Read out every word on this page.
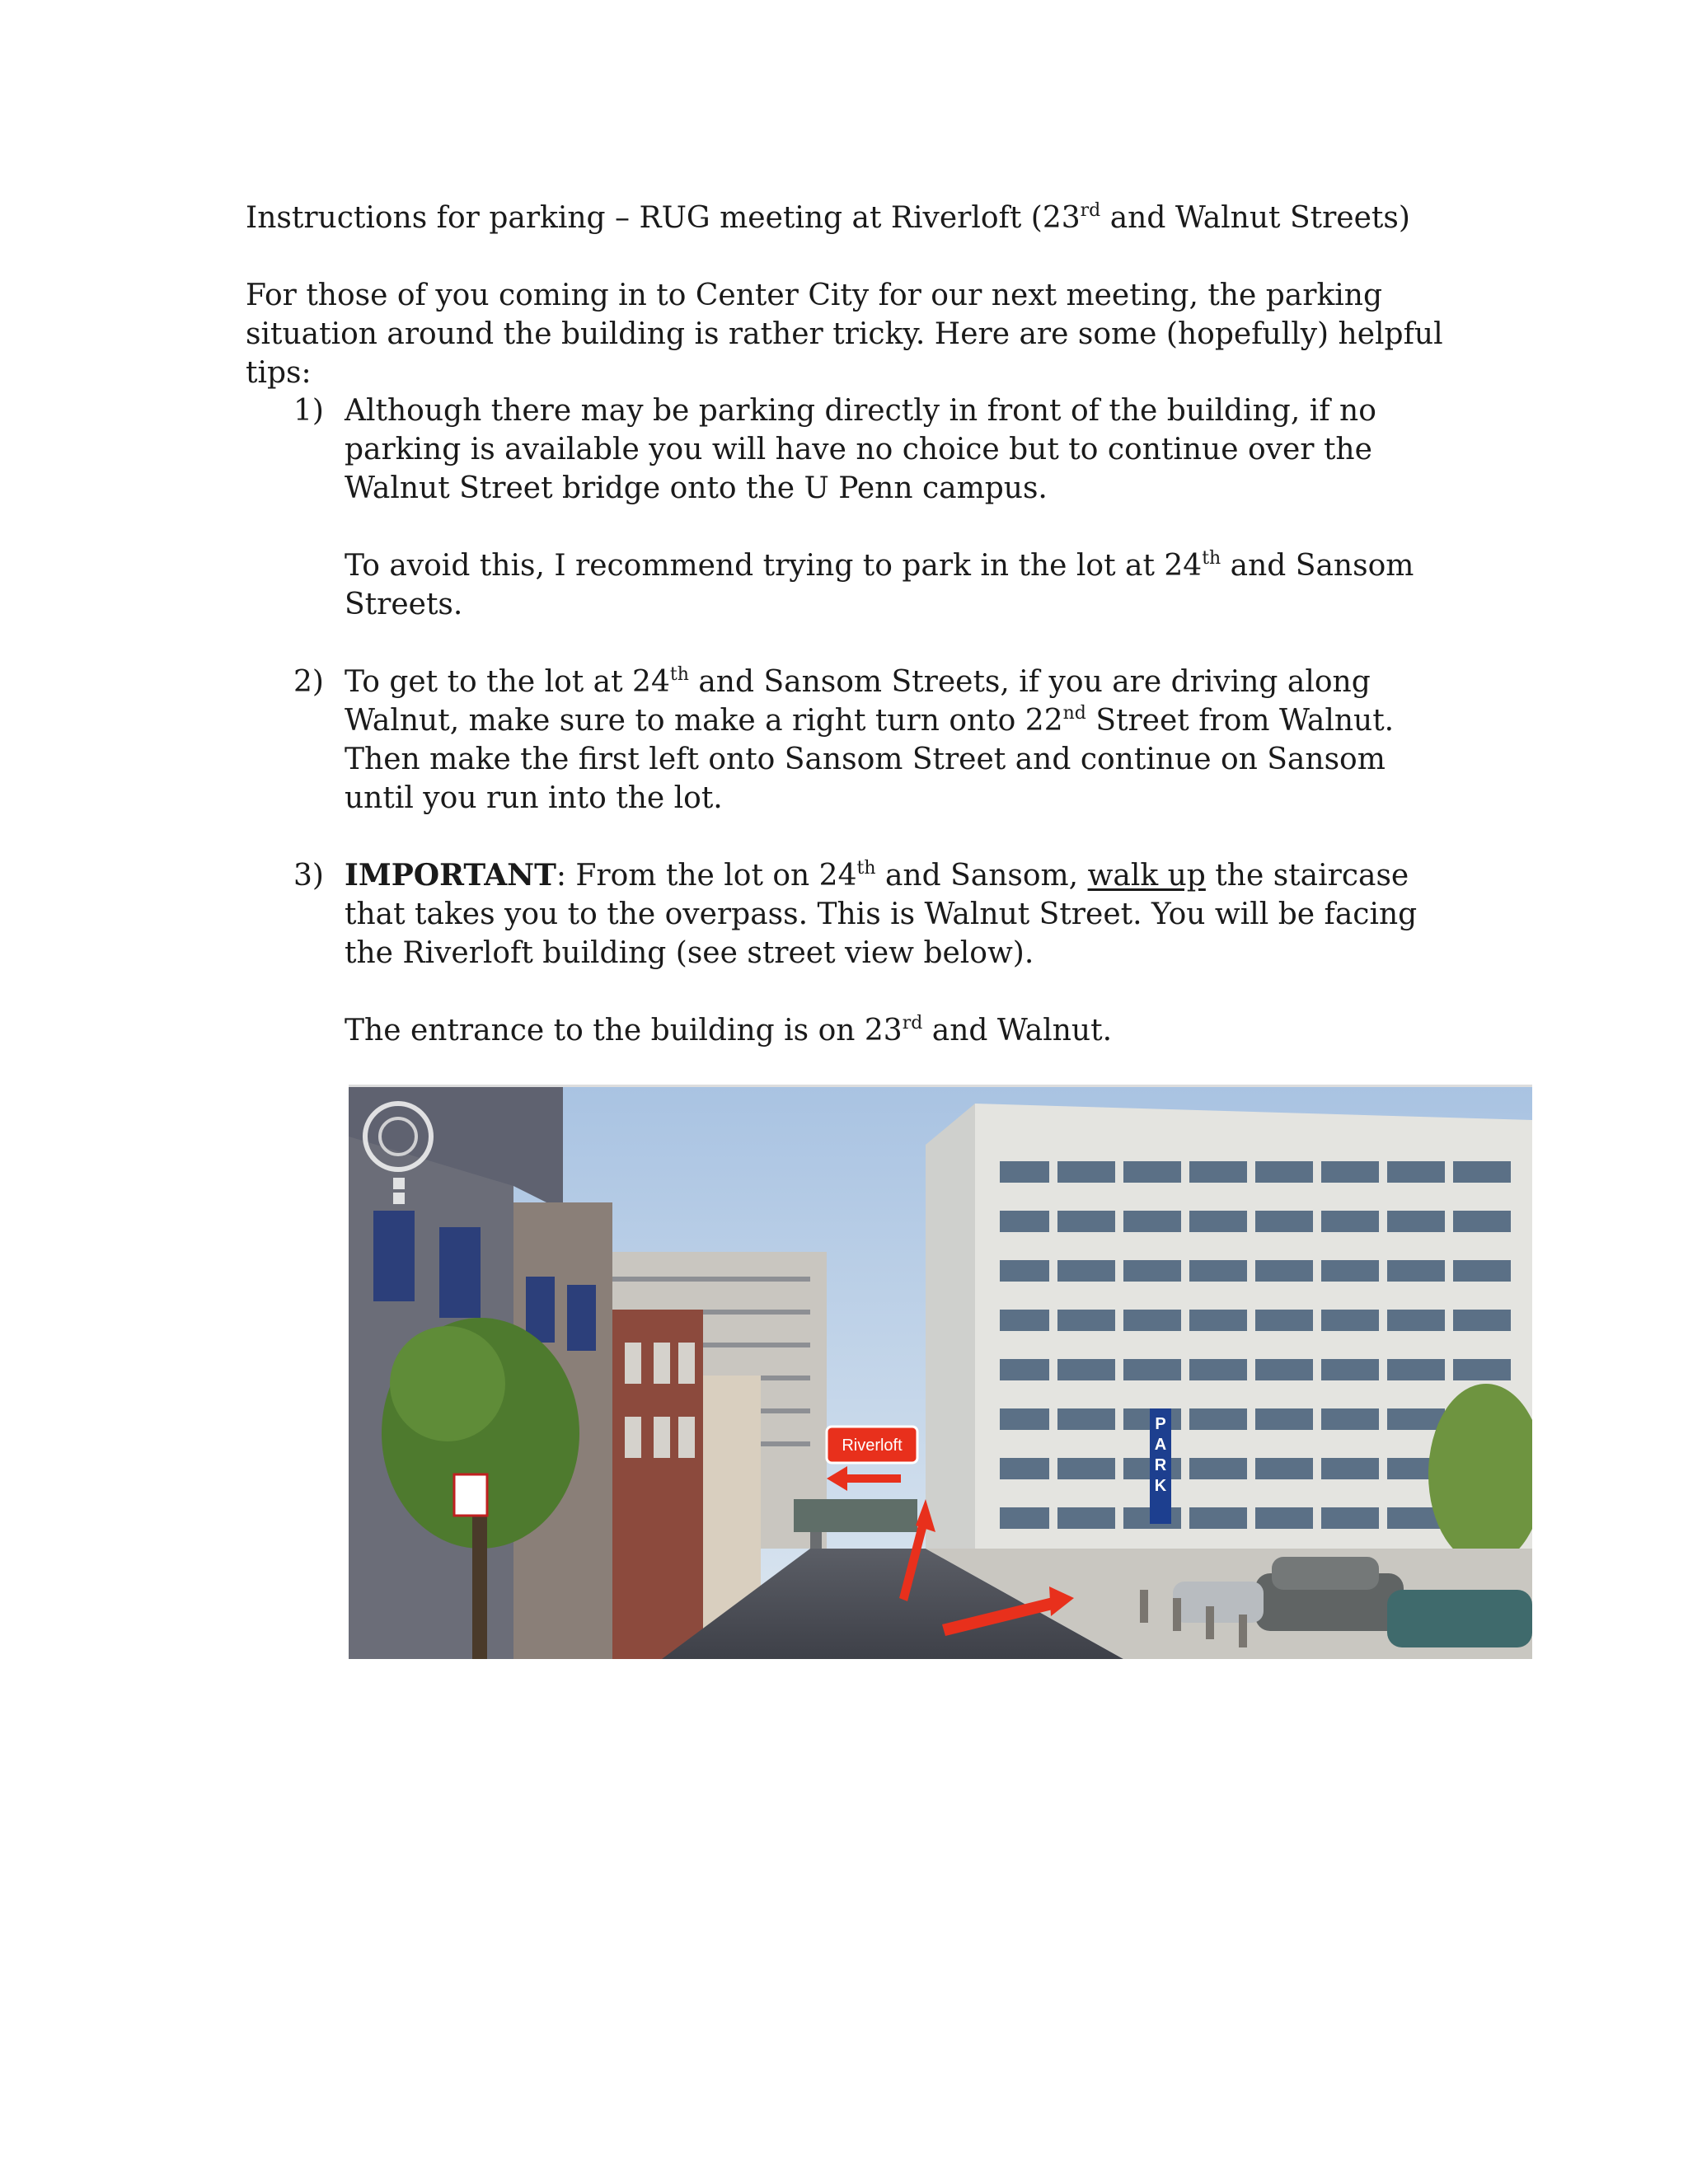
Instructions for parking – RUG meeting at Riverloft (23rd and Walnut Streets)

For those of you coming in to Center City for our next meeting, the parking situation around the building is rather tricky. Here are some (hopefully) helpful tips:

1) Although there may be parking directly in front of the building, if no parking is available you will have no choice but to continue over the Walnut Street bridge onto the U Penn campus.

To avoid this, I recommend trying to park in the lot at 24th and Sansom Streets.

2) To get to the lot at 24th and Sansom Streets, if you are driving along Walnut, make sure to make a right turn onto 22nd Street from Walnut. Then make the first left onto Sansom Street and continue on Sansom until you run into the lot.

3) IMPORTANT: From the lot on 24th and Sansom, walk up the staircase that takes you to the overpass. This is Walnut Street. You will be facing the Riverloft building (see street view below).

The entrance to the building is on 23rd and Walnut.

P
A
R
K
Riverloft
